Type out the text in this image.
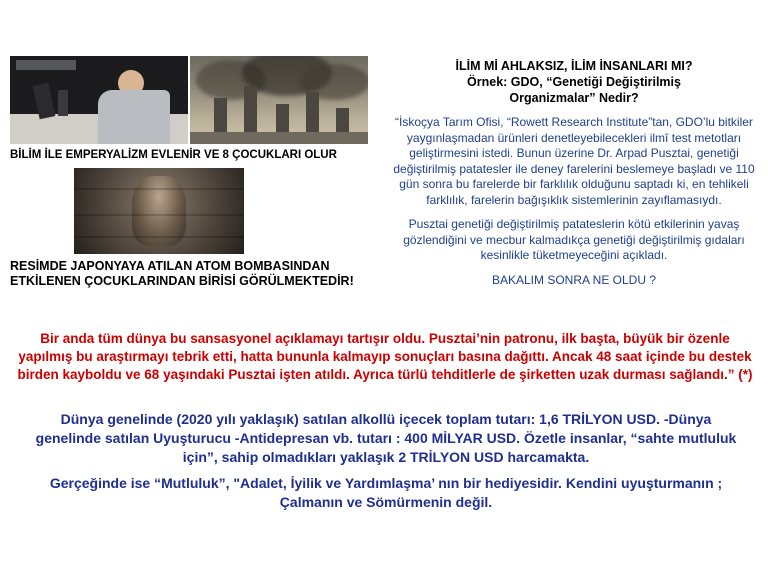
BİLİM İLE EMPERYALİZM EVLENİR VE 8 ÇOCUKLARI OLUR
RESİMDE JAPONYAYA ATILAN ATOM BOMBASINDAN ETKİLENEN ÇOCUKLARINDAN BİRİSİ GÖRÜLMEKTEDİR!
İLİM Mİ AHLAKSIZ, İLİM İNSANLARI MI?
Örnek: GDO, “Genetiği Değiştirilmiş
Organizmalar” Nedir?

“İskoçya Tarım Ofisi, “Rowett Research Institute”tan, GDO’lu bitkiler yaygınlaşmadan ürünleri denetleyebilecekleri ilmî test metotları geliştirmesini istedi. Bunun üzerine Dr. Arpad Pusztai, genetiği değiştirilmiş patatesler ile deney farelerini beslemeye başladı ve 110 gün sonra bu farelerde bir farklılık olduğunu saptadı ki, en tehlikeli farklılık, farelerin bağışıklık sistemlerinin zayıflamasıydı.

Pusztai genetiği değiştirilmiş patateslerin kötü etkilerinin yavaş gözlendiğini ve mecbur kalmadıkça genetiği değiştirilmiş gıdaları kesinlikle tüketmeyeceğini açıkladı.

BAKALIM SONRA NE OLDU ?

Bir anda tüm dünya bu sansasyonel açıklamayı tartışır oldu. Pusztai’nin patronu, ilk başta, büyük bir özenle yapılmış bu araştırmayı tebrik etti, hatta bununla kalmayıp sonuçları basına dağıttı. Ancak 48 saat içinde bu destek birden kayboldu ve 68 yaşındaki Pusztai işten atıldı. Ayrıca türlü tehditlerle de şirketten uzak durması sağlandı.” (*)
Dünya genelinde (2020 yılı yaklaşık) satılan alkollü içecek toplam tutarı: 1,6 TRİLYON USD. -Dünya genelinde satılan Uyuşturucu -Antidepresan vb. tutarı : 400 MİLYAR USD. Özetle insanlar, “sahte mutluluk için”, sahip olmadıkları yaklaşık 2 TRİLYON USD harcamakta.
Gerçeğinde ise “Mutluluk”, "Adalet, İyilik ve Yardımlaşma’ nın bir hediyesidir. Kendini uyuşturmanın ; Çalmanın ve Sömürmenin değil.
